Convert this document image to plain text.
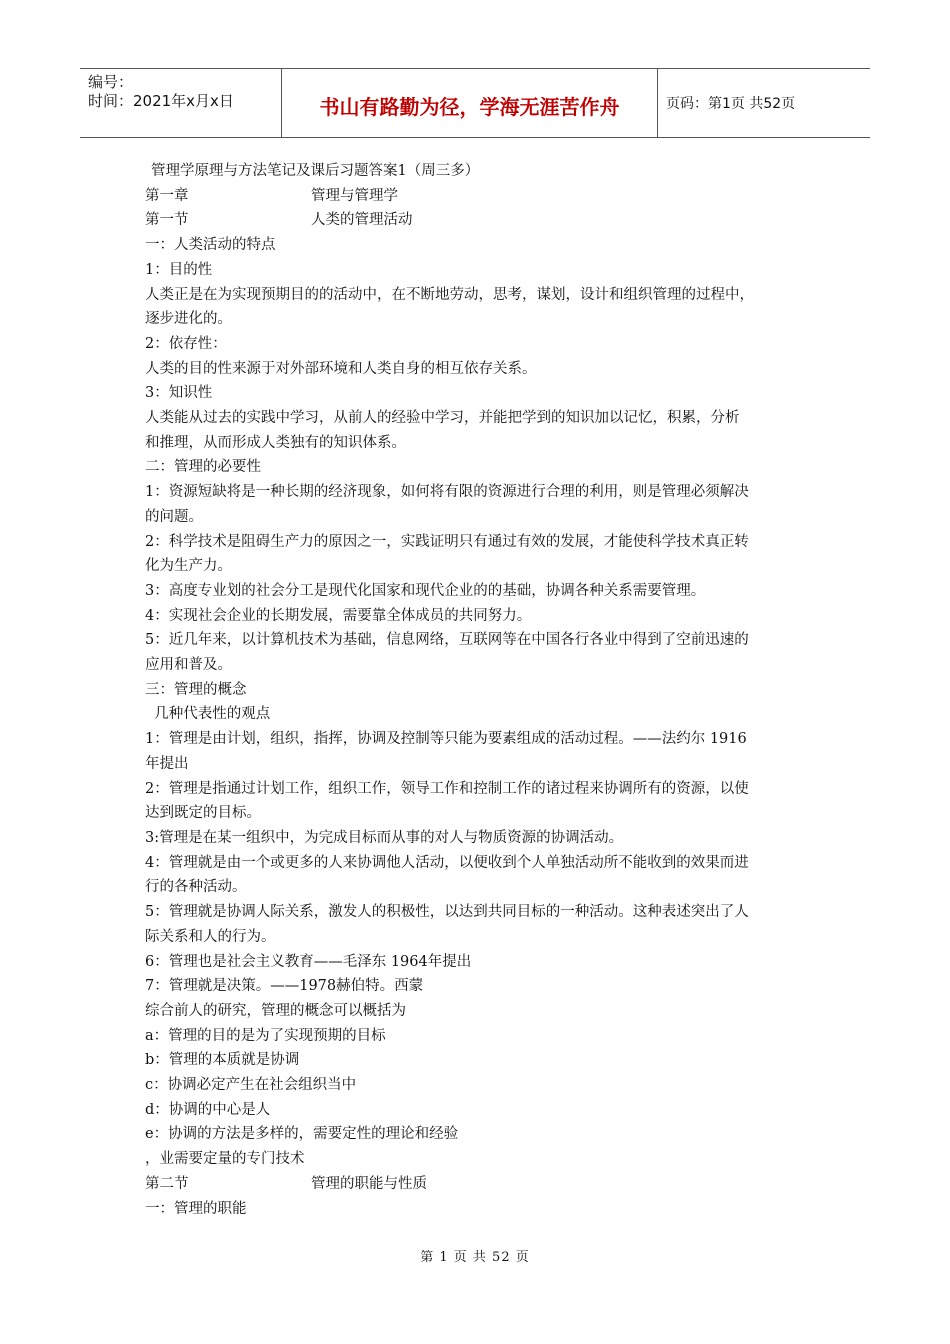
编号：
时间：2021年x月x日	书山有路勤为径，学海无涯苦作舟	页码：第1页 共52页

管理学原理与方法笔记及课后习题答案1（周三多）

第一章	管理与管理学
第一节	人类的管理活动

一：人类活动的特点

1：目的性

人类正是在为实现预期目的的活动中，在不断地劳动，思考，谋划，设计和组织管理的过程中，

逐步进化的。

2：依存性：

人类的目的性来源于对外部环境和人类自身的相互依存关系。

3：知识性

人类能从过去的实践中学习，从前人的经验中学习，并能把学到的知识加以记忆，积累，分析

和推理，从而形成人类独有的知识体系。

二：管理的必要性

1：资源短缺将是一种长期的经济现象，如何将有限的资源进行合理的利用，则是管理必须解决

的问题。

2：科学技术是阻碍生产力的原因之一，实践证明只有通过有效的发展，才能使科学技术真正转

化为生产力。

3：高度专业划的社会分工是现代化国家和现代企业的的基础，协调各种关系需要管理。

4：实现社会企业的长期发展，需要靠全体成员的共同努力。

5：近几年来，以计算机技术为基础，信息网络，互联网等在中国各行各业中得到了空前迅速的

应用和普及。

三：管理的概念

几种代表性的观点

1：管理是由计划，组织，指挥，协调及控制等只能为要素组成的活动过程。——法约尔 1916

年提出

2：管理是指通过计划工作，组织工作，领导工作和控制工作的诸过程来协调所有的资源，以使

达到既定的目标。

3:管理是在某一组织中，为完成目标而从事的对人与物质资源的协调活动。

4：管理就是由一个或更多的人来协调他人活动，以便收到个人单独活动所不能收到的效果而进

行的各种活动。

5：管理就是协调人际关系，激发人的积极性，以达到共同目标的一种活动。这种表述突出了人

际关系和人的行为。

6：管理也是社会主义教育——毛泽东 1964年提出

7：管理就是决策。——1978赫伯特。西蒙

综合前人的研究，管理的概念可以概括为

a：管理的目的是为了实现预期的目标

b：管理的本质就是协调

c：协调必定产生在社会组织当中

d：协调的中心是人

e：协调的方法是多样的，需要定性的理论和经验

，业需要定量的专门技术

第二节	管理的职能与性质

一：管理的职能

第 1 页 共 52 页
